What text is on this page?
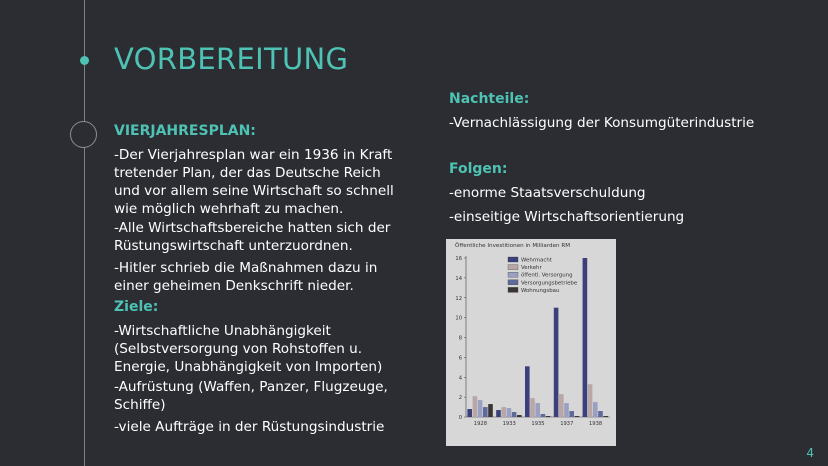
VORBEREITUNG
VIERJAHRESPLAN:
-Der Vierjahresplan war ein 1936 in Kraft
tretender Plan, der das Deutsche Reich
und vor allem seine Wirtschaft so schnell
wie möglich wehrhaft zu machen.
-Alle Wirtschaftsbereiche hatten sich der
Rüstungswirtschaft unterzuordnen.
-Hitler schrieb die Maßnahmen dazu in
einer geheimen Denkschrift nieder.
Ziele:
-Wirtschaftliche Unabhängigkeit
(Selbstversorgung von Rohstoffen u.
Energie, Unabhängigkeit von Importen)
-Aufrüstung (Waffen, Panzer, Flugzeuge,
Schiffe)
-viele Aufträge in der Rüstungsindustrie
Nachteile:
-Vernachlässigung der Konsumgüterindustrie
Folgen:
-enorme Staatsverschuldung
-einseitige Wirtschaftsorientierung
Öffentliche Investitionen in Milliarden RM
0
2
4
6
8
10
12
14
16
1928	1933	1935	1937	1938
Wehrmacht
Verkehr
öffentl. Versorgung
Versorgungsbetriebe
Wohnungsbau
4
